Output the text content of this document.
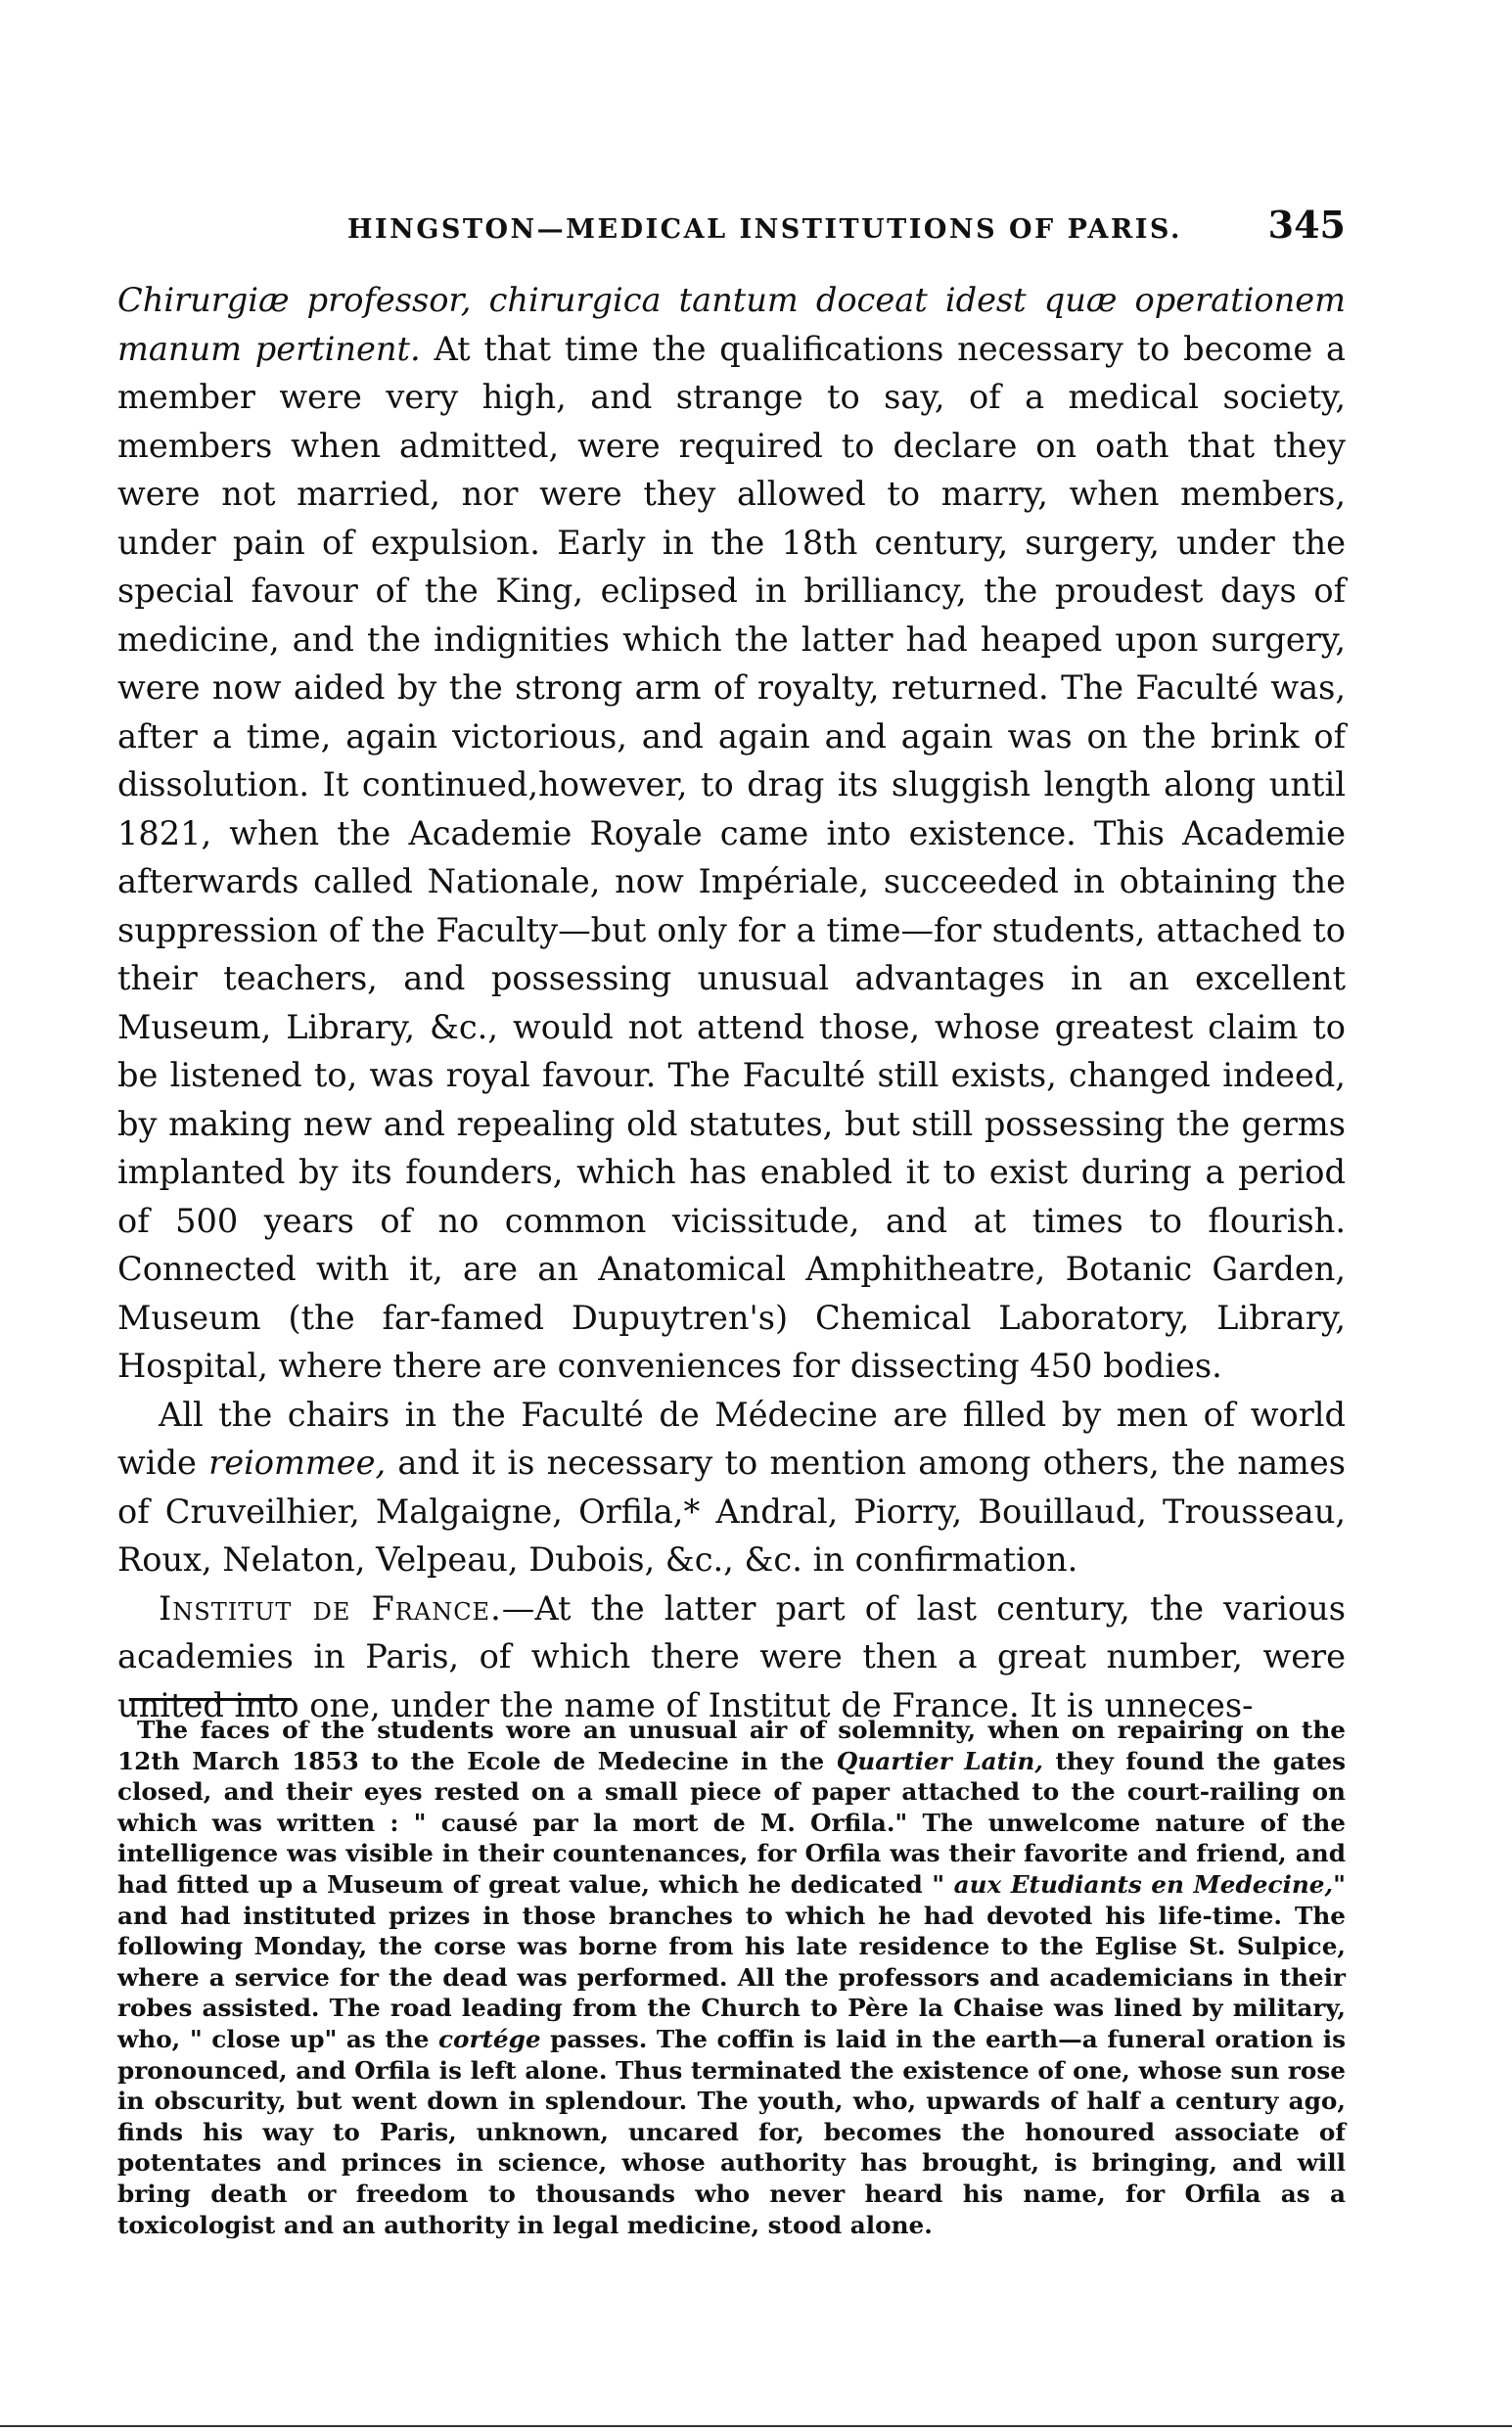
HINGSTON—MEDICAL INSTITUTIONS OF PARIS. 345

Chirurgiæ professor, chirurgica tantum doceat idest quæ operationem manum pertinent. At that time the qualifications necessary to become a member were very high, and strange to say, of a medical society, members when admitted, were required to declare on oath that they were not married, nor were they allowed to marry, when members, under pain of expulsion. Early in the 18th century, surgery, under the special favour of the King, eclipsed in brilliancy, the proudest days of medicine, and the indignities which the latter had heaped upon surgery, were now aided by the strong arm of royalty, returned. The Faculté was, after a time, again victorious, and again and again was on the brink of dissolution. It continued,however, to drag its sluggish length along until 1821, when the Academie Royale came into existence. This Academie afterwards called Nationale, now Impériale, succeeded in obtaining the suppression of the Faculty—but only for a time—for students, attached to their teachers, and possessing unusual advantages in an excellent Museum, Library, &c., would not attend those, whose greatest claim to be listened to, was royal favour. The Faculté still exists, changed indeed, by making new and repealing old statutes, but still possessing the germs implanted by its founders, which has enabled it to exist during a period of 500 years of no common vicissitude, and at times to flourish. Connected with it, are an Anatomical Amphitheatre, Botanic Garden, Museum (the far-famed Dupuytren's) Chemical Laboratory, Library, Hospital, where there are conveniences for dissecting 450 bodies.

All the chairs in the Faculté de Médecine are filled by men of world wide reiommee, and it is necessary to mention among others, the names of Cruveilhier, Malgaigne, Orfila,* Andral, Piorry, Bouillaud, Trousseau, Roux, Nelaton, Velpeau, Dubois, &c., &c. in confirmation.

Institut de France.—At the latter part of last century, the various academies in Paris, of which there were then a great number, were united into one, under the name of Institut de France. It is unneces-

The faces of the students wore an unusual air of solemnity, when on repairing on the 12th March 1853 to the Ecole de Medecine in the Quartier Latin, they found the gates closed, and their eyes rested on a small piece of paper attached to the court-railing on which was written : " causé par la mort de M. Orfila." The unwelcome nature of the intelligence was visible in their countenances, for Orfila was their favorite and friend, and had fitted up a Museum of great value, which he dedicated " aux Etudiants en Medecine," and had instituted prizes in those branches to which he had devoted his life-time. The following Monday, the corse was borne from his late residence to the Eglise St. Sulpice, where a service for the dead was performed. All the professors and academicians in their robes assisted. The road leading from the Church to Père la Chaise was lined by military, who, " close up" as the cortége passes. The coffin is laid in the earth—a funeral oration is pronounced, and Orfila is left alone. Thus terminated the existence of one, whose sun rose in obscurity, but went down in splendour. The youth, who, upwards of half a century ago, finds his way to Paris, unknown, uncared for, becomes the honoured associate of potentates and princes in science, whose authority has brought, is bringing, and will bring death or freedom to thousands who never heard his name, for Orfila as a toxicologist and an authority in legal medicine, stood alone.
